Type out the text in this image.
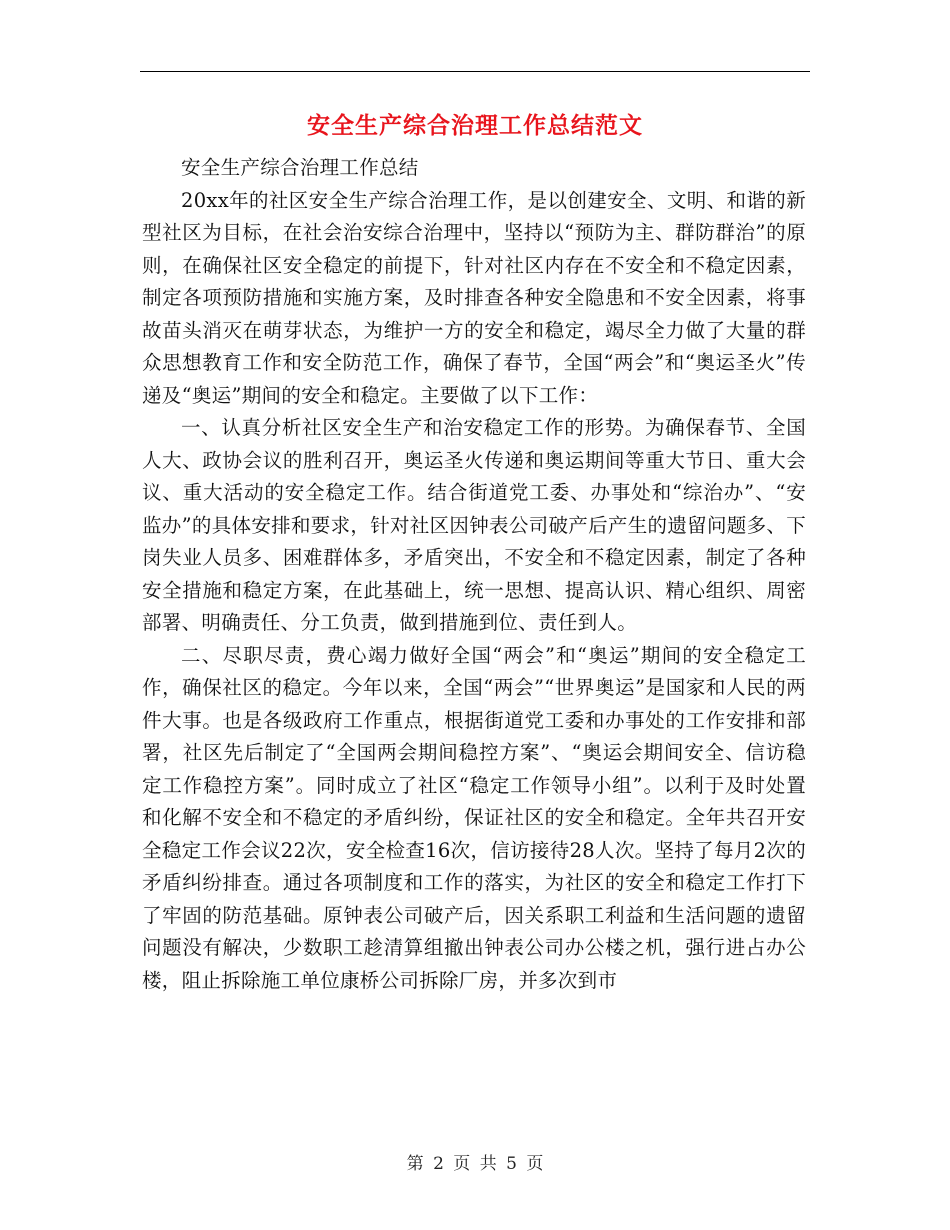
安全生产综合治理工作总结范文

安全生产综合治理工作总结

20xx年的社区安全生产综合治理工作，是以创建安全、文明、和谐的新型社区为目标，在社会治安综合治理中，坚持以“预防为主、群防群治”的原则，在确保社区安全稳定的前提下，针对社区内存在不安全和不稳定因素，制定各项预防措施和实施方案，及时排查各种安全隐患和不安全因素，将事故苗头消灭在萌芽状态，为维护一方的安全和稳定，竭尽全力做了大量的群众思想教育工作和安全防范工作，确保了春节，全国“两会”和“奥运圣火”传递及“奥运”期间的安全和稳定。主要做了以下工作：

一、认真分析社区安全生产和治安稳定工作的形势。为确保春节、全国人大、政协会议的胜利召开，奥运圣火传递和奥运期间等重大节日、重大会议、重大活动的安全稳定工作。结合街道党工委、办事处和“综治办”、“安监办”的具体安排和要求，针对社区因钟表公司破产后产生的遗留问题多、下岗失业人员多、困难群体多，矛盾突出，不安全和不稳定因素，制定了各种安全措施和稳定方案，在此基础上，统一思想、提高认识、精心组织、周密部署、明确责任、分工负责，做到措施到位、责任到人。

二、尽职尽责，费心竭力做好全国“两会”和“奥运”期间的安全稳定工作，确保社区的稳定。今年以来，全国“两会”“世界奥运”是国家和人民的两件大事。也是各级政府工作重点，根据街道党工委和办事处的工作安排和部署，社区先后制定了“全国两会期间稳控方案”、“奥运会期间安全、信访稳定工作稳控方案”。同时成立了社区“稳定工作领导小组”。以利于及时处置和化解不安全和不稳定的矛盾纠纷，保证社区的安全和稳定。全年共召开安全稳定工作会议22次，安全检查16次，信访接待28人次。坚持了每月2次的矛盾纠纷排查。通过各项制度和工作的落实，为社区的安全和稳定工作打下了牢固的防范基础。原钟表公司破产后，因关系职工利益和生活问题的遗留问题没有解决，少数职工趁清算组撤出钟表公司办公楼之机，强行进占办公楼，阻止拆除施工单位康桥公司拆除厂房，并多次到市

第 2 页 共 5 页
